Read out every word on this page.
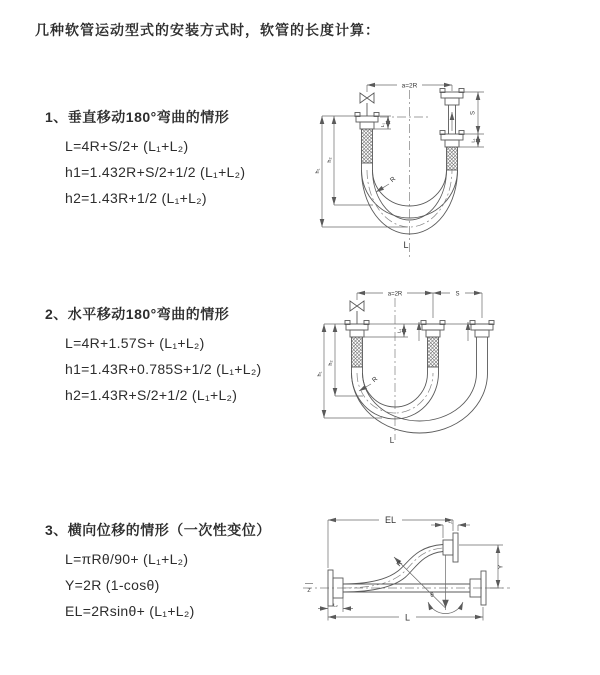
几种软管运动型式的安装方式时，软管的长度计算：
1、垂直移动180°弯曲的情形
L=4R+S/2+ (L₁+L₂)
h1=1.432R+S/2+1/2 (L₁+L₂)
h2=1.43R+1/2 (L₁+L₂)
2、水平移动180°弯曲的情形
L=4R+1.57S+ (L₁+L₂)
h1=1.43R+0.785S+1/2 (L₁+L₂)
h2=1.43R+S/2+1/2 (L₁+L₂)
3、横向位移的情形（一次性变位）
L=πRθ/90+ (L₁+L₂)
Y=2R (1-cosθ)
EL=2Rsinθ+ (L₁+L₂)
a=2R
L₁
S
L₁
h₁
h₂
R
L
a=2R	S
L₁
h₁
h₂
R
L
Z
EL	L₁
R
θ
Y
L₂
L
